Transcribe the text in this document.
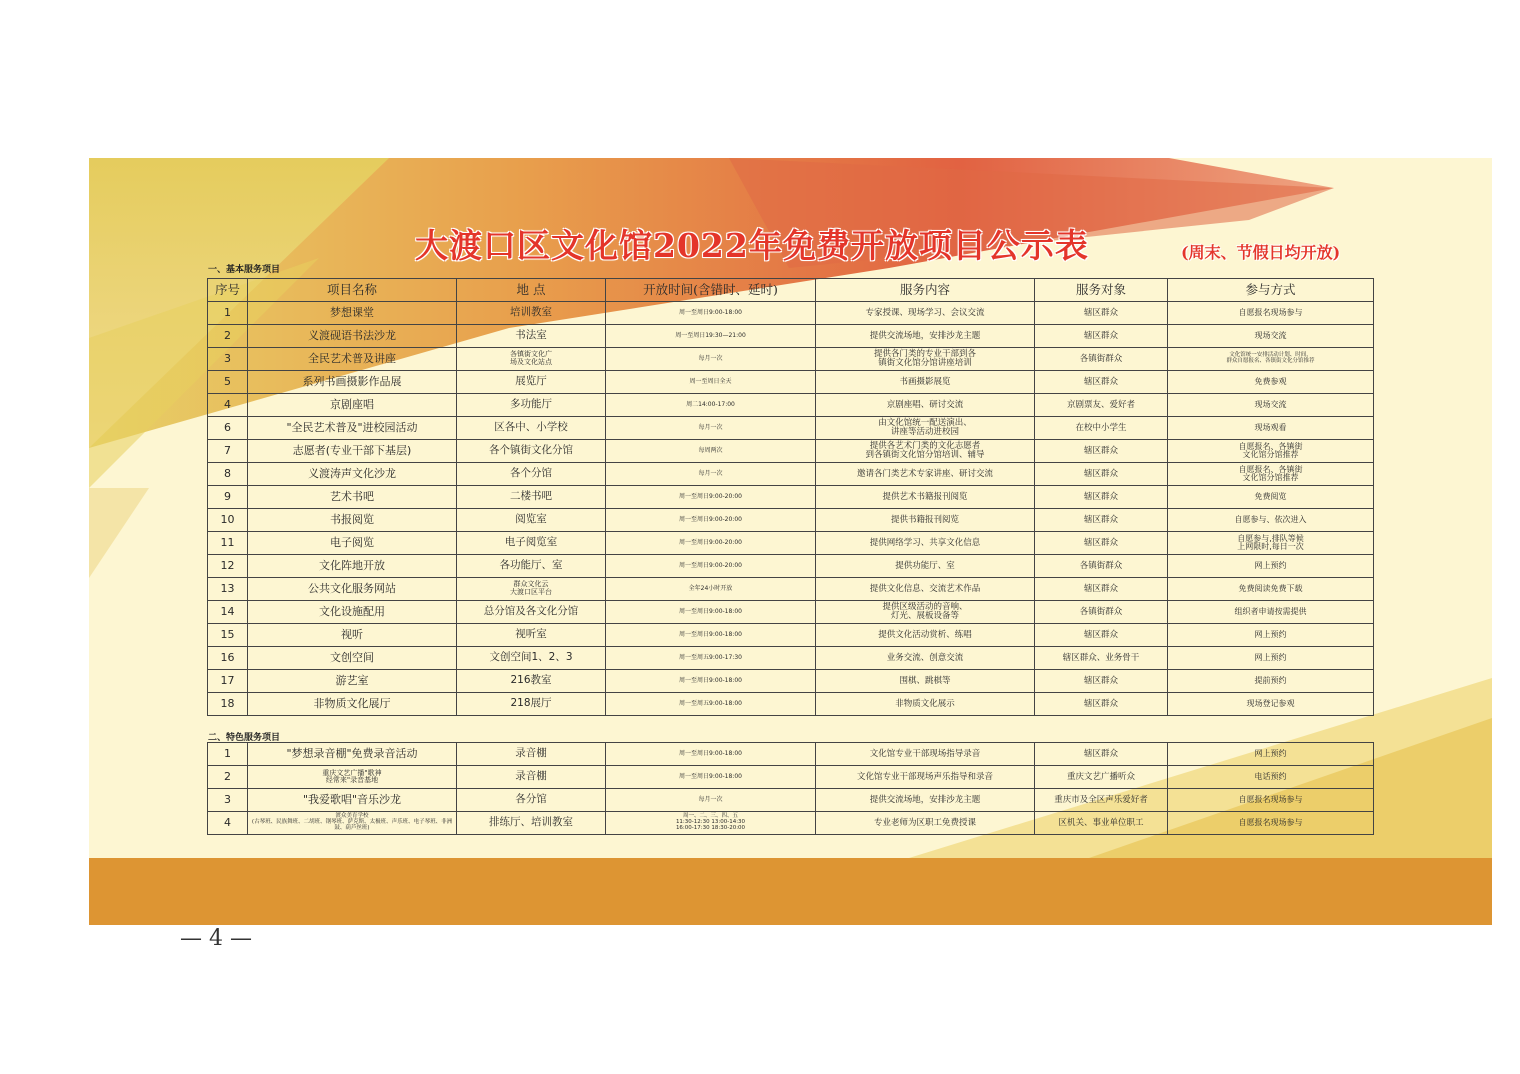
大渡口区文化馆2022年免费开放项目公示表	(周末、节假日均开放)
一、基本服务项目
序号	项目名称	地 点	开放时间(含错时、延时)	服务内容	服务对象	参与方式
1	梦想课堂	培训教室	周一至周日9:00-18:00	专家授课、现场学习、会议交流	辖区群众	自愿报名现场参与
2	义渡砚语书法沙龙	书法室	周一至周日19:30—21:00	提供交流场地，安排沙龙主题	辖区群众	现场交流
3	全民艺术普及讲座	各镇街文化广
场及文化站点	每月一次	提供各门类的专业干部到各
镇街文化馆分馆讲座培训	各镇街群众	文化馆统一安排活动计划、时间，
群众自愿报名、各镇街文化分馆推荐
5	系列书画摄影作品展	展览厅	周一至周日全天	书画摄影展览	辖区群众	免费参观
4	京剧座唱	多功能厅	周二14:00-17:00	京剧座唱、研讨交流	京剧票友、爱好者	现场交流
6	"全民艺术普及"进校园活动	区各中、小学校	每月一次	由文化馆统一配送演出、
讲座等活动进校园	在校中小学生	现场观看
7	志愿者(专业干部下基层)	各个镇街文化分馆	每周两次	提供各艺术门类的文化志愿者
到各镇街文化馆分馆培训、辅导	辖区群众	自愿报名、各镇街
文化馆分馆推荐
8	义渡涛声文化沙龙	各个分馆	每月一次	邀请各门类艺术专家讲座、研讨交流	辖区群众	自愿报名、各镇街
文化馆分馆推荐
9	艺术书吧	二楼书吧	周一至周日9:00-20:00	提供艺术书籍报刊阅览	辖区群众	免费阅览
10	书报阅览	阅览室	周一至周日9:00-20:00	提供书籍报刊阅览	辖区群众	自愿参与、依次进入
11	电子阅览	电子阅览室	周一至周日9:00-20:00	提供网络学习、共享文化信息	辖区群众	自愿参与,排队等候
上网限时,每日一次
12	文化阵地开放	各功能厅、室	周一至周日9:00-20:00	提供功能厅、室	各镇街群众	网上预约
13	公共文化服务网站	群众文化云
大渡口区平台	全年24小时开放	提供文化信息、交流艺术作品	辖区群众	免费阅读免费下载
14	文化设施配用	总分馆及各文化分馆	周一至周日9:00-18:00	提供区级活动的音响、
灯光、展板设备等	各镇街群众	组织者申请按需提供
15	视听	视听室	周一至周日9:00-18:00	提供文化活动赏析、练唱	辖区群众	网上预约
16	文创空间	文创空间1、2、3	周一至周五9:00-17:30	业务交流、创意交流	辖区群众、业务骨干	网上预约
17	游艺室	216教室	周一至周日9:00-18:00	围棋、跳棋等	辖区群众	提前预约
18	非物质文化展厅	218展厅	周一至周五9:00-18:00	非物质文化展示	辖区群众	现场登记参观
二、特色服务项目
1	"梦想录音棚"免费录音活动	录音棚	周一至周日9:00-18:00	文化馆专业干部现场指导录音	辖区群众	网上预约
2	重庆文艺广播"歌神
经常来"录音基地	录音棚	周一至周日9:00-18:00	文化馆专业干部现场声乐指导和录音	重庆文艺广播听众	电话预约
3	"我爱歌唱"音乐沙龙	各分馆	每月一次	提供交流场地，安排沙龙主题	重庆市及全区声乐爱好者	自愿报名现场参与
4	渡众美育学校
(古琴班、民族舞班、二胡班、钢琴班、萨克斯、太极班、声乐班、电子琴班、非洲鼓、葫芦丝班)	排练厅、培训教室	周一、二、三、四、五
11:30-12:30 13:00-14:30
16:00-17:30 18:30-20:00	专业老师为区职工免费授课	区机关、事业单位职工	自愿报名现场参与
— 4 —
